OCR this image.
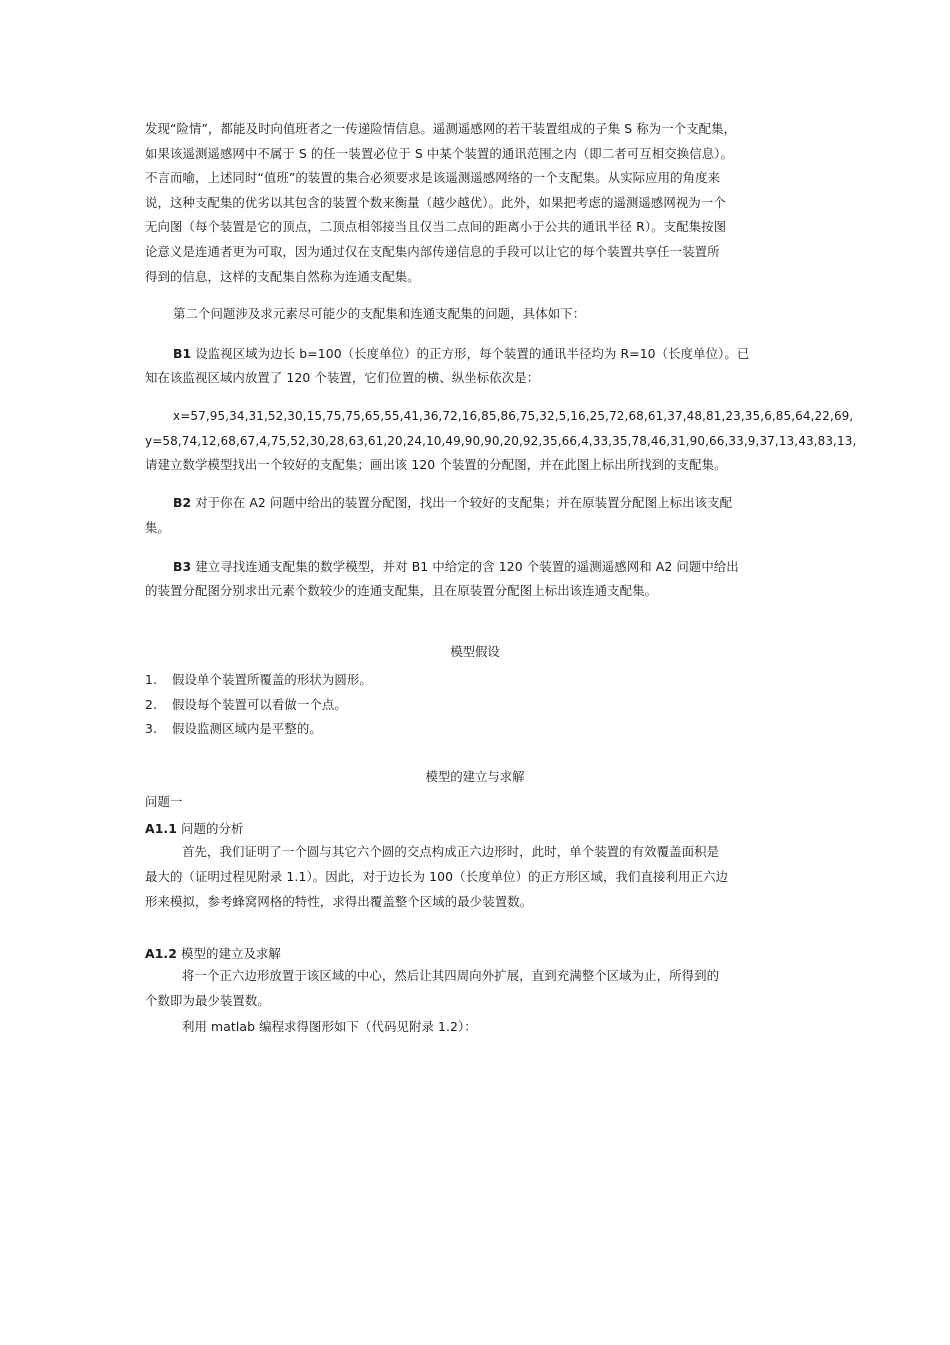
发现“险情”，都能及时向值班者之一传递险情信息。遥测遥感网的若干装置组成的子集 S 称为一个支配集，
如果该遥测遥感网中不属于 S 的任一装置必位于 S 中某个装置的通讯范围之内（即二者可互相交换信息）。
不言而喻，上述同时“值班”的装置的集合必须要求是该遥测遥感网络的一个支配集。从实际应用的角度来
说，这种支配集的优劣以其包含的装置个数来衡量（越少越优）。此外，如果把考虑的遥测遥感网视为一个
无向图（每个装置是它的顶点，二顶点相邻接当且仅当二点间的距离小于公共的通讯半径 R）。支配集按图
论意义是连通者更为可取，因为通过仅在支配集内部传递信息的手段可以让它的每个装置共享任一装置所
得到的信息，这样的支配集自然称为连通支配集。
第二个问题涉及求元素尽可能少的支配集和连通支配集的问题，具体如下：
B1 设监视区域为边长 b=100（长度单位）的正方形，每个装置的通讯半径均为 R=10（长度单位）。已
知在该监视区域内放置了 120 个装置，它们位置的横、纵坐标依次是：
x=57,95,34,31,52,30,15,75,75,65,55,41,36,72,16,85,86,75,32,5,16,25,72,68,61,37,48,81,23,35,6,85,64,22,69,
y=58,74,12,68,67,4,75,52,30,28,63,61,20,24,10,49,90,90,20,92,35,66,4,33,35,78,46,31,90,66,33,9,37,13,43,83,13,
请建立数学模型找出一个较好的支配集；画出该 120 个装置的分配图，并在此图上标出所找到的支配集。
B2 对于你在 A2 问题中给出的装置分配图，找出一个较好的支配集；并在原装置分配图上标出该支配
集。
B3 建立寻找连通支配集的数学模型，并对 B1 中给定的含 120 个装置的遥测遥感网和 A2 问题中给出
的装置分配图分别求出元素个数较少的连通支配集，且在原装置分配图上标出该连通支配集。
模型假设
1. 假设单个装置所覆盖的形状为圆形。
2. 假设每个装置可以看做一个点。
3. 假设监测区域内是平整的。
模型的建立与求解
问题一
A1.1 问题的分析
首先，我们证明了一个圆与其它六个圆的交点构成正六边形时，此时，单个装置的有效覆盖面积是
最大的（证明过程见附录 1.1）。因此，对于边长为 100（长度单位）的正方形区域，我们直接利用正六边
形来模拟，参考蜂窝网格的特性，求得出覆盖整个区域的最少装置数。
A1.2 模型的建立及求解
将一个正六边形放置于该区域的中心，然后让其四周向外扩展，直到充满整个区域为止，所得到的
个数即为最少装置数。
利用 matlab 编程求得图形如下（代码见附录 1.2）：
